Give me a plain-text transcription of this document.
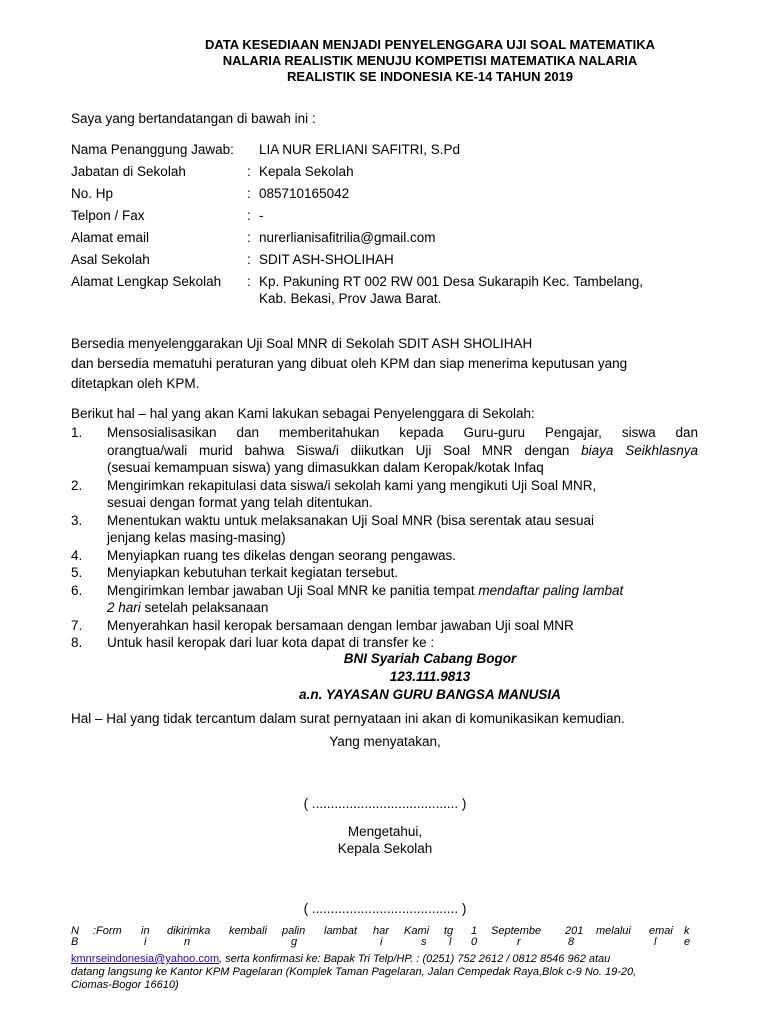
DATA KESEDIAAN MENJADI PENYELENGGARA UJI SOAL MATEMATIKA
NALARIA REALISTIK MENUJU KOMPETISI MATEMATIKA NALARIA
REALISTIK SE INDONESIA KE-14 TAHUN 2019
Saya yang bertandatangan di bawah ini :
Nama Penanggung Jawab:	LIA NUR ERLIANI SAFITRI, S.Pd
Jabatan di Sekolah	: Kepala Sekolah
No. Hp	: 085710165042
Telpon / Fax	: -
Alamat email	: nurerlianisafitrilia@gmail.com
Asal Sekolah	: SDIT ASH-SHOLIHAH
Alamat Lengkap Sekolah	: Kp. Pakuning RT 002 RW 001 Desa Sukarapih Kec. Tambelang,
Kab. Bekasi, Prov Jawa Barat.
Bersedia menyelenggarakan Uji Soal MNR di Sekolah SDIT ASH SHOLIHAH
dan bersedia mematuhi peraturan yang dibuat oleh KPM dan siap menerima keputusan yang
ditetapkan oleh KPM.
Berikut hal – hal yang akan Kami lakukan sebagai Penyelenggara di Sekolah:
1.	Mensosialisasikan dan memberitahukan kepada Guru-guru Pengajar, siswa dan
orangtua/wali murid bahwa Siswa/i diikutkan Uji Soal MNR dengan biaya Seikhlasnya
(sesuai kemampuan siswa) yang dimasukkan dalam Keropak/kotak Infaq
2.	Mengirimkan rekapitulasi data siswa/i sekolah kami yang mengikuti Uji Soal MNR,
sesuai dengan format yang telah ditentukan.
3.	Menentukan waktu untuk melaksanakan Uji Soal MNR (bisa serentak atau sesuai
jenjang kelas masing-masing)
4.	Menyiapkan ruang tes dikelas dengan seorang pengawas.
5.	Menyiapkan kebutuhan terkait kegiatan tersebut.
6.	Mengirimkan lembar jawaban Uji Soal MNR ke panitia tempat mendaftar paling lambat
2 hari setelah pelaksanaan
7.	Menyerahkan hasil keropak bersamaan dengan lembar jawaban Uji soal MNR
8.	Untuk hasil keropak dari luar kota dapat di transfer ke :
BNI Syariah Cabang Bogor
123.111.9813
a.n. YAYASAN GURU BANGSA MANUSIA
Hal – Hal yang tidak tercantum dalam surat pernyataan ini akan di komunikasikan kemudian.
Yang menyatakan,
( ....................................... )
Mengetahui,
Kepala Sekolah
( ....................................... )
N :Form in dikirimka kembali palin lambat har Kami tg 1 Septembe 201 melalui emai k
B	i	n	g	i	s l 0	r	8	l	e
kmnrseindonesia@yahoo.com, serta konfirmasi ke: Bapak Tri Telp/HP. : (0251) 752 2612 / 0812 8546 962 atau
datang langsung ke Kantor KPM Pagelaran (Komplek Taman Pagelaran, Jalan Cempedak Raya,Blok c-9 No. 19-20,
Ciomas-Bogor 16610)
